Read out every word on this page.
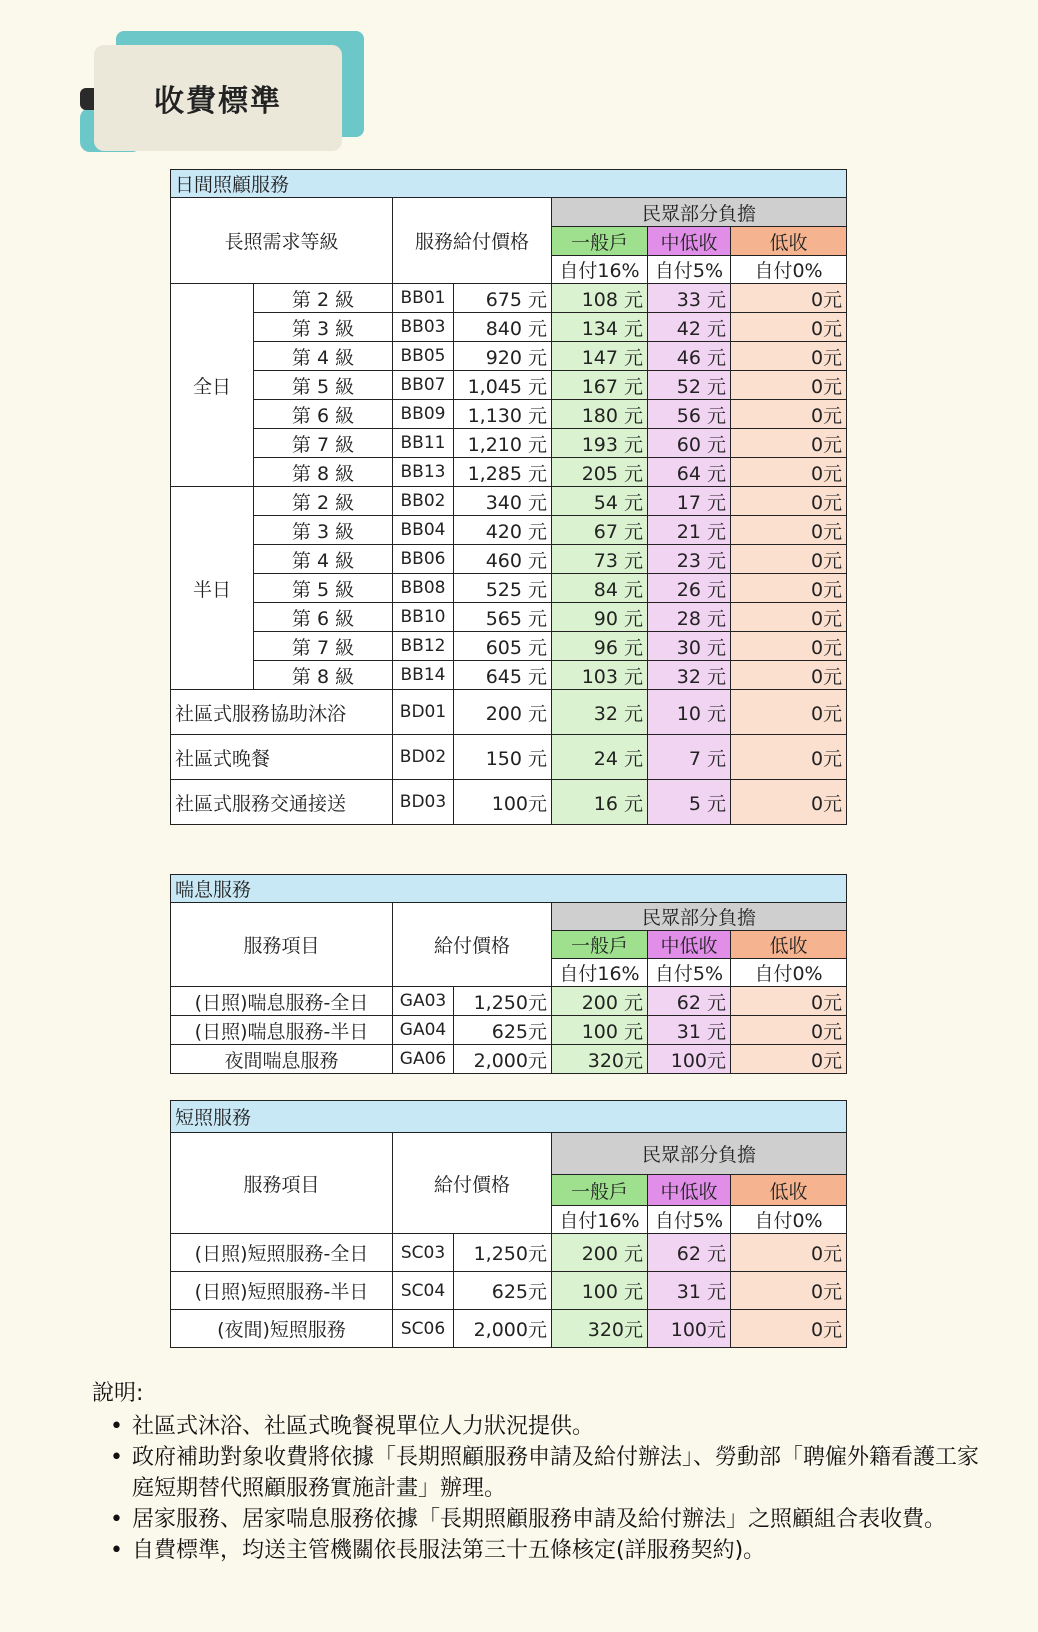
收費標準
日間照顧服務						
長照需求等級		服務給付價格		民眾部分負擔		
				一般戶	中低收	低收
				自付16%	自付5%	自付0%
全日	第 2 級	BB01	675 元	108 元	33 元	0元
	第 3 級	BB03	840 元	134 元	42 元	0元
	第 4 級	BB05	920 元	147 元	46 元	0元
	第 5 級	BB07	1,045 元	167 元	52 元	0元
	第 6 級	BB09	1,130 元	180 元	56 元	0元
	第 7 級	BB11	1,210 元	193 元	60 元	0元
	第 8 級	BB13	1,285 元	205 元	64 元	0元
半日	第 2 級	BB02	340 元	54 元	17 元	0元
	第 3 級	BB04	420 元	67 元	21 元	0元
	第 4 級	BB06	460 元	73 元	23 元	0元
	第 5 級	BB08	525 元	84 元	26 元	0元
	第 6 級	BB10	565 元	90 元	28 元	0元
	第 7 級	BB12	605 元	96 元	30 元	0元
	第 8 級	BB14	645 元	103 元	32 元	0元
社區式服務協助沐浴		BD01	200 元	32 元	10 元	0元
社區式晚餐		BD02	150 元	24 元	7 元	0元
社區式服務交通接送		BD03	100元	16 元	5 元	0元
喘息服務					
服務項目	給付價格		民眾部分負擔		
			一般戶	中低收	低收
			自付16%	自付5%	自付0%
(日照)喘息服務-全日	GA03	1,250元	200 元	62 元	0元
(日照)喘息服務-半日	GA04	625元	100 元	31 元	0元
夜間喘息服務	GA06	2,000元	320元	100元	0元
短照服務					
服務項目	給付價格		民眾部分負擔		
			一般戶	中低收	低收
			自付16%	自付5%	自付0%
(日照)短照服務-全日	SC03	1,250元	200 元	62 元	0元
(日照)短照服務-半日	SC04	625元	100 元	31 元	0元
(夜間)短照服務	SC06	2,000元	320元	100元	0元
說明:
• 社區式沐浴、社區式晚餐視單位人力狀況提供。
• 政府補助對象收費將依據「長期照顧服務申請及給付辦法」、勞動部「聘僱外籍看護工家庭短期替代照顧服務實施計畫」辦理。
• 居家服務、居家喘息服務依據「長期照顧服務申請及給付辦法」之照顧組合表收費。
• 自費標準，均送主管機關依長服法第三十五條核定(詳服務契約)。
